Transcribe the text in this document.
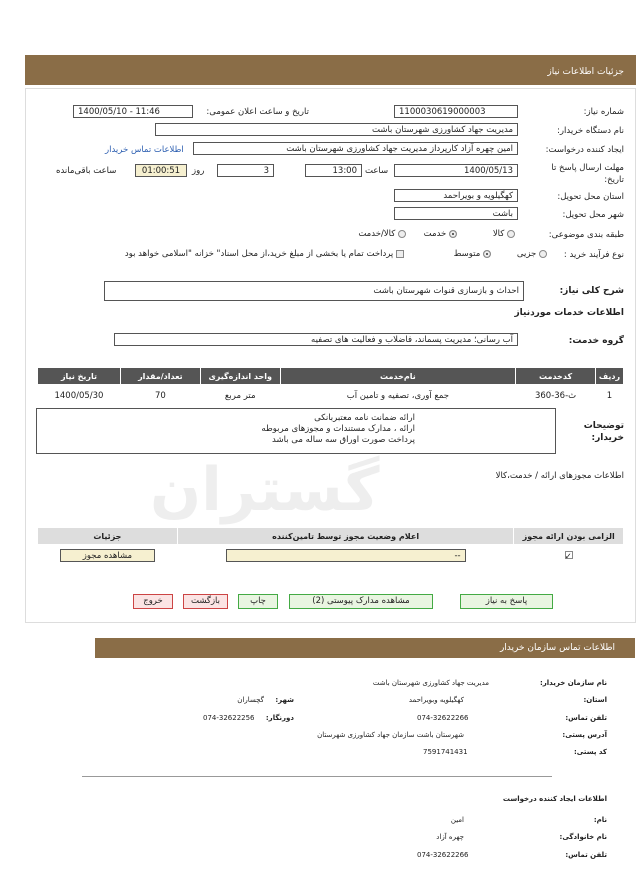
جزئیات اطلاعات نیاز
گستران
شماره نیاز:
1100030619000003
تاریخ و ساعت اعلان عمومی:
1400/05/10 - 11:46
نام دستگاه خریدار:
مدیریت جهاد کشاورزی شهرستان باشت
ایجاد کننده درخواست:
امین چهره آزاد کارپرداز مدیریت جهاد کشاورزی شهرستان باشت
اطلاعات تماس خریدار
مهلت ارسال پاسخ تا تاریخ:
1400/05/13
ساعت
13:00
3
روز
01:00:51
ساعت باقی‌مانده
استان محل تحویل:
کهگیلویه و بویراحمد
شهر محل تحویل:
باشت
طبقه بندی موضوعی:
کالا
خدمت
کالا/خدمت
نوع فرآیند خرید :
جزیی
متوسط
پرداخت تمام یا بخشی از مبلغ خرید،از محل اسناد" خزانه "اسلامی خواهد بود
شرح کلی نیاز:
احداث و بازسازی قنوات شهرستان باشت
اطلاعات خدمات موردنیاز
گروه خدمت:
آب رسانی؛ مدیریت پسماند، فاضلاب و فعالیت های تصفیه
ردیف	کدخدمت	نام‌خدمت	واحد اندازه‌گیری	تعداد/مقدار	تاریخ نیاز
1	ث-36-360	جمع آوری، تصفیه و تامین آب	متر مربع	70	1400/05/30
توضیحات خریدار:
ارائه ضمانت نامه معتبربانکی
ارائه ، مدارک مستندات و مجوزهای مربوطه
پرداخت صورت اوراق سه ساله می باشد
اطلاعات مجوزهای ارائه / خدمت،کالا
الزامی بودن ارائه مجوز	اعلام وضعیت مجوز توسط تامین‌کننده	جزئیات
✓	--	مشاهده مجوز
پاسخ به نیاز
مشاهده مدارک پیوستی (2)
چاپ
بازگشت
خروج
اطلاعات تماس سازمان خریدار
نام سازمان خریدار:
مدیریت جهاد کشاورزی شهرستان باشت
استان:
کهگیلویه وبویراحمد
شهر:
گچساران
تلفن تماس:
074-32622266
دورنگار:
074-32622256
آدرس پستی:
شهرستان باشت سازمان جهاد کشاورزی شهرستان
کد پستی:
7591741431
اطلاعات ایجاد کننده درخواست
نام:
امین
نام خانوادگی:
چهره آزاد
تلفن تماس:
074-32622266
